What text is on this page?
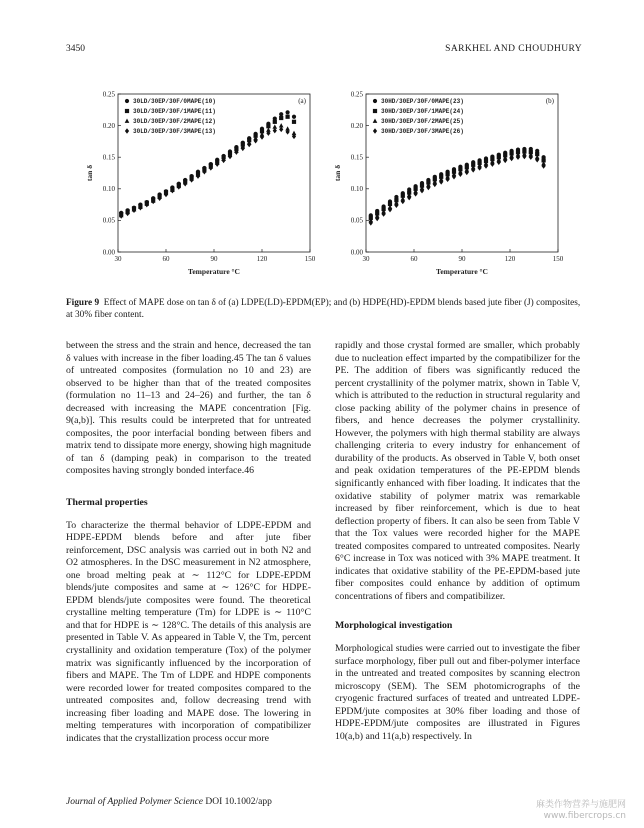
3450	SARKHEL AND CHOUDHURY
0.00
0.05
0.10
0.15
0.20
0.25
30	60	90	120	150
Temperature °C
tan δ
(a)
30LD/30EP/30F/0MAPE(10)
30LD/30EP/30F/1MAPE(11)
30LD/30EP/30F/2MAPE(12)
30LD/30EP/30F/3MAPE(13)
0.00
0.05
0.10
0.15
0.20
0.25
30	60	90	120	150
Temperature °C
tan δ
(b)
30HD/30EP/30F/0MAPE(23)
30HD/30EP/30F/1MAPE(24)
30HD/30EP/30F/2MAPE(25)
30HD/30EP/30F/3MAPE(26)
Figure 9 Effect of MAPE dose on tan δ of (a) LDPE(LD)-EPDM(EP); and (b) HDPE(HD)-EPDM blends based jute fiber (J) composites, at 30% fiber content.

between the stress and the strain and hence, decreased the tan δ values with increase in the fiber loading.45 The tan δ values of untreated composites (formulation no 10 and 23) are observed to be higher than that of the treated composites (formulation no 11–13 and 24–26) and further, the tan δ decreased with increasing the MAPE concentration [Fig. 9(a,b)]. This results could be interpreted that for untreated composites, the poor interfacial bonding between fibers and matrix tend to dissipate more energy, showing high magnitude of tan δ (damping peak) in comparison to the treated composites having strongly bonded interface.46

Thermal properties

To characterize the thermal behavior of LDPE-EPDM and HDPE-EPDM blends before and after jute fiber reinforcement, DSC analysis was carried out in both N2 and O2 atmospheres. In the DSC measurement in N2 atmosphere, one broad melting peak at ∼ 112°C for LDPE-EPDM blends/jute composites and same at ∼ 126°C for HDPE-EPDM blends/jute composites were found. The theoretical crystalline melting temperature (Tm) for LDPE is ∼ 110°C and that for HDPE is ∼ 128°C. The details of this analysis are presented in Table V. As appeared in Table V, the Tm, percent crystallinity and oxidation temperature (Tox) of the polymer matrix was significantly influenced by the incorporation of fibers and MAPE. The Tm of LDPE and HDPE components were recorded lower for treated composites compared to the untreated composites and, follow decreasing trend with increasing fiber loading and MAPE dose. The lowering in melting temperatures with incorporation of compatibilizer indicates that the crystallization process occur more

rapidly and those crystal formed are smaller, which probably due to nucleation effect imparted by the compatibilizer for the PE. The addition of fibers was significantly reduced the percent crystallinity of the polymer matrix, shown in Table V, which is attributed to the reduction in structural regularity and close packing ability of the polymer chains in presence of fibers, and hence decreases the polymer crystallinity. However, the polymers with high thermal stability are always challenging criteria to every industry for enhancement of durability of the products. As observed in Table V, both onset and peak oxidation temperatures of the PE-EPDM blends significantly enhanced with fiber loading. It indicates that the oxidative stability of polymer matrix was remarkable increased by fiber reinforcement, which is due to heat deflection property of fibers. It can also be seen from Table V that the Tox values were recorded higher for the MAPE treated composites compared to untreated composites. Nearly 6°C increase in Tox was noticed with 3% MAPE treatment. It indicates that oxidative stability of the PE-EPDM-based jute fiber composites could enhance by addition of optimum concentrations of fibers and compatibilizer.

Morphological investigation

Morphological studies were carried out to investigate the fiber surface morphology, fiber pull out and fiber-polymer interface in the untreated and treated composites by scanning electron microscopy (SEM). The SEM photomicrographs of the cryogenic fractured surfaces of treated and untreated LDPE-EPDM/jute composites at 30% fiber loading and those of HDPE-EPDM/jute composites are illustrated in Figures 10(a,b) and 11(a,b) respectively. In

Journal of Applied Polymer Science DOI 10.1002/app	麻类作物营养与施肥网
www.fibercrops.cn
